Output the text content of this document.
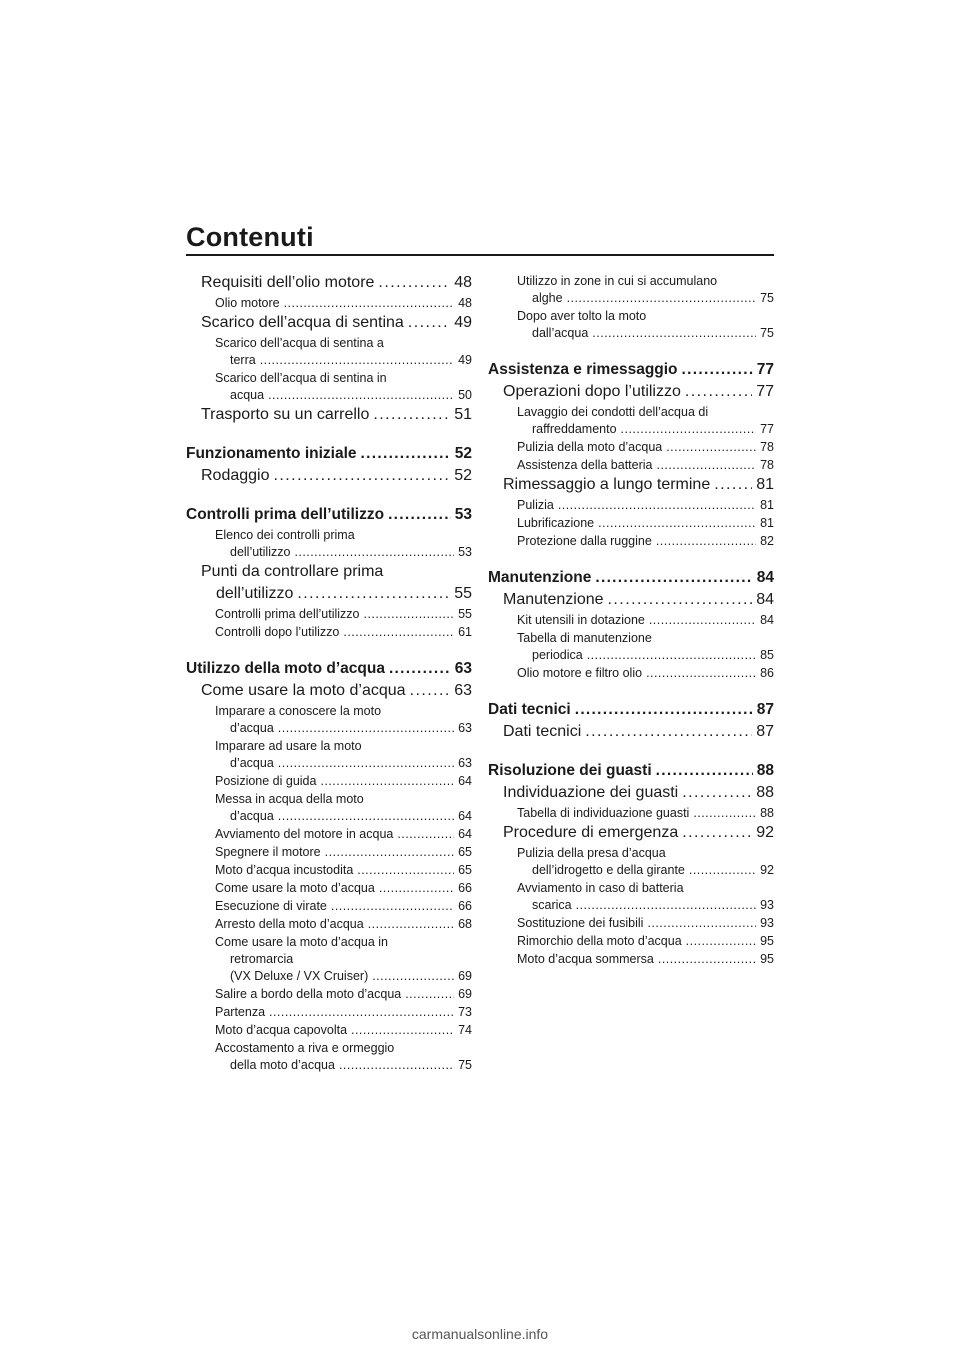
Contenuti
Requisiti dell’olio motore . . .	48
Olio motore . . .	48
Scarico dell’acqua di sentina . . .	49
Scarico dell’acqua di sentina a
terra . . .	49
Scarico dell’acqua di sentina in
acqua . . .	50
Trasporto su un carrello . . .	51
Funzionamento iniziale . . .	52
Rodaggio . . .	52
Controlli prima dell’utilizzo . . .	53
Elenco dei controlli prima
dell’utilizzo . . .	53
Punti da controllare prima
dell’utilizzo . . .	55
Controlli prima dell’utilizzo . . .	55
Controlli dopo l’utilizzo . . .	61
Utilizzo della moto d’acqua . . .	63
Come usare la moto d’acqua . . .	63
Imparare a conoscere la moto
d’acqua . . .	63
Imparare ad usare la moto
d’acqua . . .	63
Posizione di guida . . .	64
Messa in acqua della moto
d’acqua . . .	64
Avviamento del motore in acqua . . .	64
Spegnere il motore . . .	65
Moto d’acqua incustodita . . .	65
Come usare la moto d’acqua . . .	66
Esecuzione di virate . . .	66
Arresto della moto d’acqua . . .	68
Come usare la moto d’acqua in
retromarcia
(VX Deluxe / VX Cruiser) . . .	69
Salire a bordo della moto d’acqua . . .	69
Partenza . . .	73
Moto d’acqua capovolta . . .	74
Accostamento a riva e ormeggio
della moto d’acqua . . .	75
Utilizzo in zone in cui si accumulano
alghe . . .	75
Dopo aver tolto la moto
dall’acqua . . .	75
Assistenza e rimessaggio . . .	77
Operazioni dopo l’utilizzo . . .	77
Lavaggio dei condotti dell’acqua di
raffreddamento . . .	77
Pulizia della moto d’acqua . . .	78
Assistenza della batteria . . .	78
Rimessaggio a lungo termine . . .	81
Pulizia . . .	81
Lubrificazione . . .	81
Protezione dalla ruggine . . .	82
Manutenzione . . .	84
Manutenzione . . .	84
Kit utensili in dotazione . . .	84
Tabella di manutenzione
periodica . . .	85
Olio motore e filtro olio . . .	86
Dati tecnici . . .	87
Dati tecnici . . .	87
Risoluzione dei guasti . . .	88
Individuazione dei guasti . . .	88
Tabella di individuazione guasti . . .	88
Procedure di emergenza . . .	92
Pulizia della presa d’acqua
dell’idrogetto e della girante . . .	92
Avviamento in caso di batteria
scarica . . .	93
Sostituzione dei fusibili . . .	93
Rimorchio della moto d’acqua . . .	95
Moto d’acqua sommersa . . .	95
carmanualsonline.info
